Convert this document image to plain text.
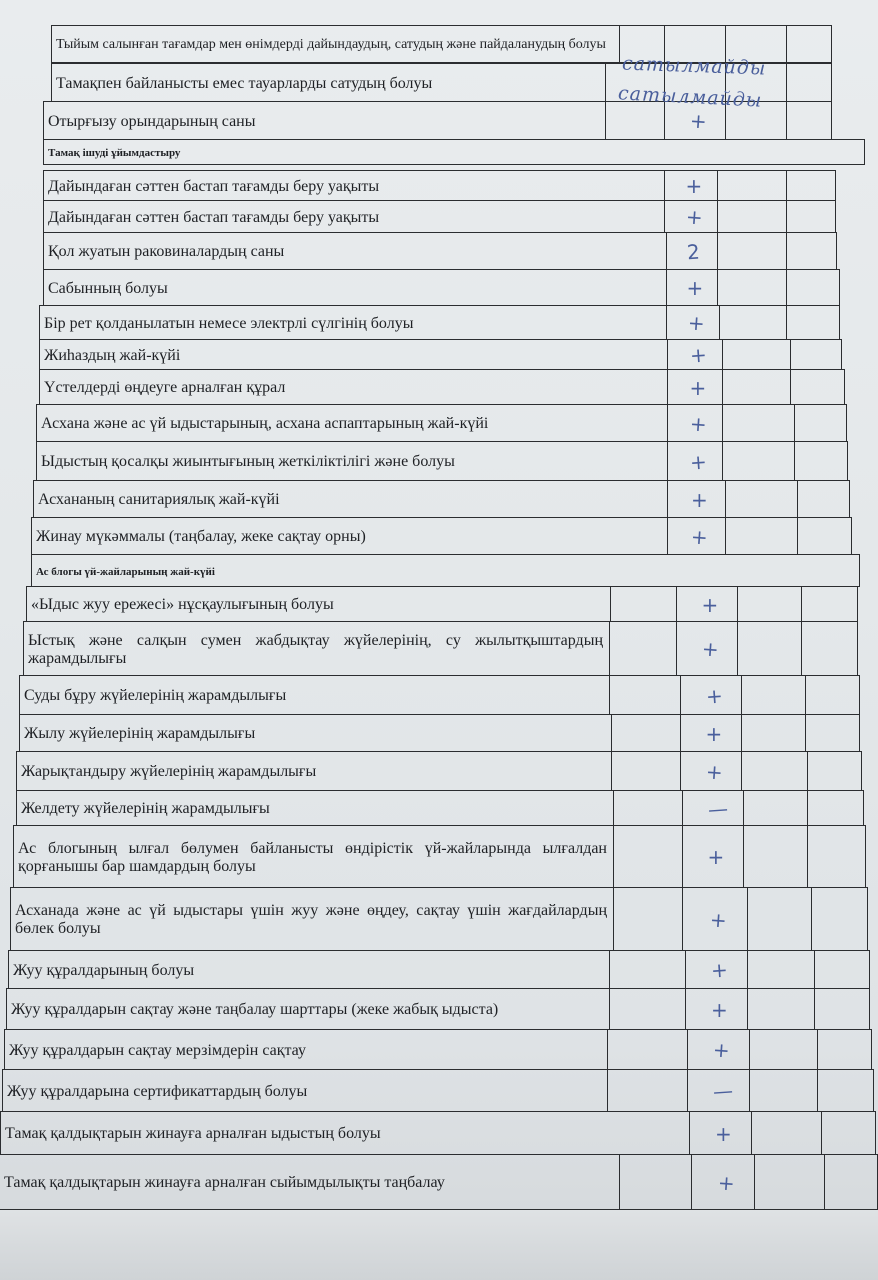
Тыйым салынған тағамдар мен өнімдерді дайындаудың, сатудың және пайдаланудың болуы
Тамақпен байланысты емес тауарларды сатудың болуы
Отырғызу орындарының саны	+
Тамақ ішуді ұйымдастыру
Дайындаған сәттен бастап тағамды беру уақыты	+
Дайындаған сәттен бастап тағамды беру уақыты	+
Қол жуатын раковиналардың саны	2
Сабынның болуы	+
Бір рет қолданылатын немесе электрлі сүлгінің болуы	+
Жиһаздың жай-күйі	+
Үстелдерді өңдеуге арналған құрал	+
Асхана және ас үй ыдыстарының, асхана аспаптарының жай-күйі	+
Ыдыстың қосалқы жиынтығының жеткіліктілігі және болуы	+
Асхананың санитариялық жай-күйі	+
Жинау мүкәммалы (таңбалау, жеке сақтау орны)	+
Ас блогы үй-жайларының жай-күйі
«Ыдыс жуу ережесі» нұсқаулығының болуы	+
Ыстық және салқын сумен жабдықтау жүйелерінің, су жылытқыштардың жарамдылығы	+
Суды бұру жүйелерінің жарамдылығы	+
Жылу жүйелерінің жарамдылығы	+
Жарықтандыру жүйелерінің жарамдылығы	+
Желдету жүйелерінің жарамдылығы	—
Ас блогының ылғал бөлумен байланысты өндірістік үй-жайларында ылғалдан қорғанышы бар шамдардың болуы	+
Асханада және ас үй ыдыстары үшін жуу және өңдеу, сақтау үшін жағдайлардың бөлек болуы	+
Жуу құралдарының болуы	+
Жуу құралдарын сақтау және таңбалау шарттары (жеке жабық ыдыста)	+
Жуу құралдарын сақтау мерзімдерін сақтау	+
Жуу құралдарына сертификаттардың болуы	—
Тамақ қалдықтарын жинауға арналған ыдыстың болуы	+
Тамақ қалдықтарын жинауға арналған сыйымдылықты таңбалау	+
сатылмайды
сатылмайды
